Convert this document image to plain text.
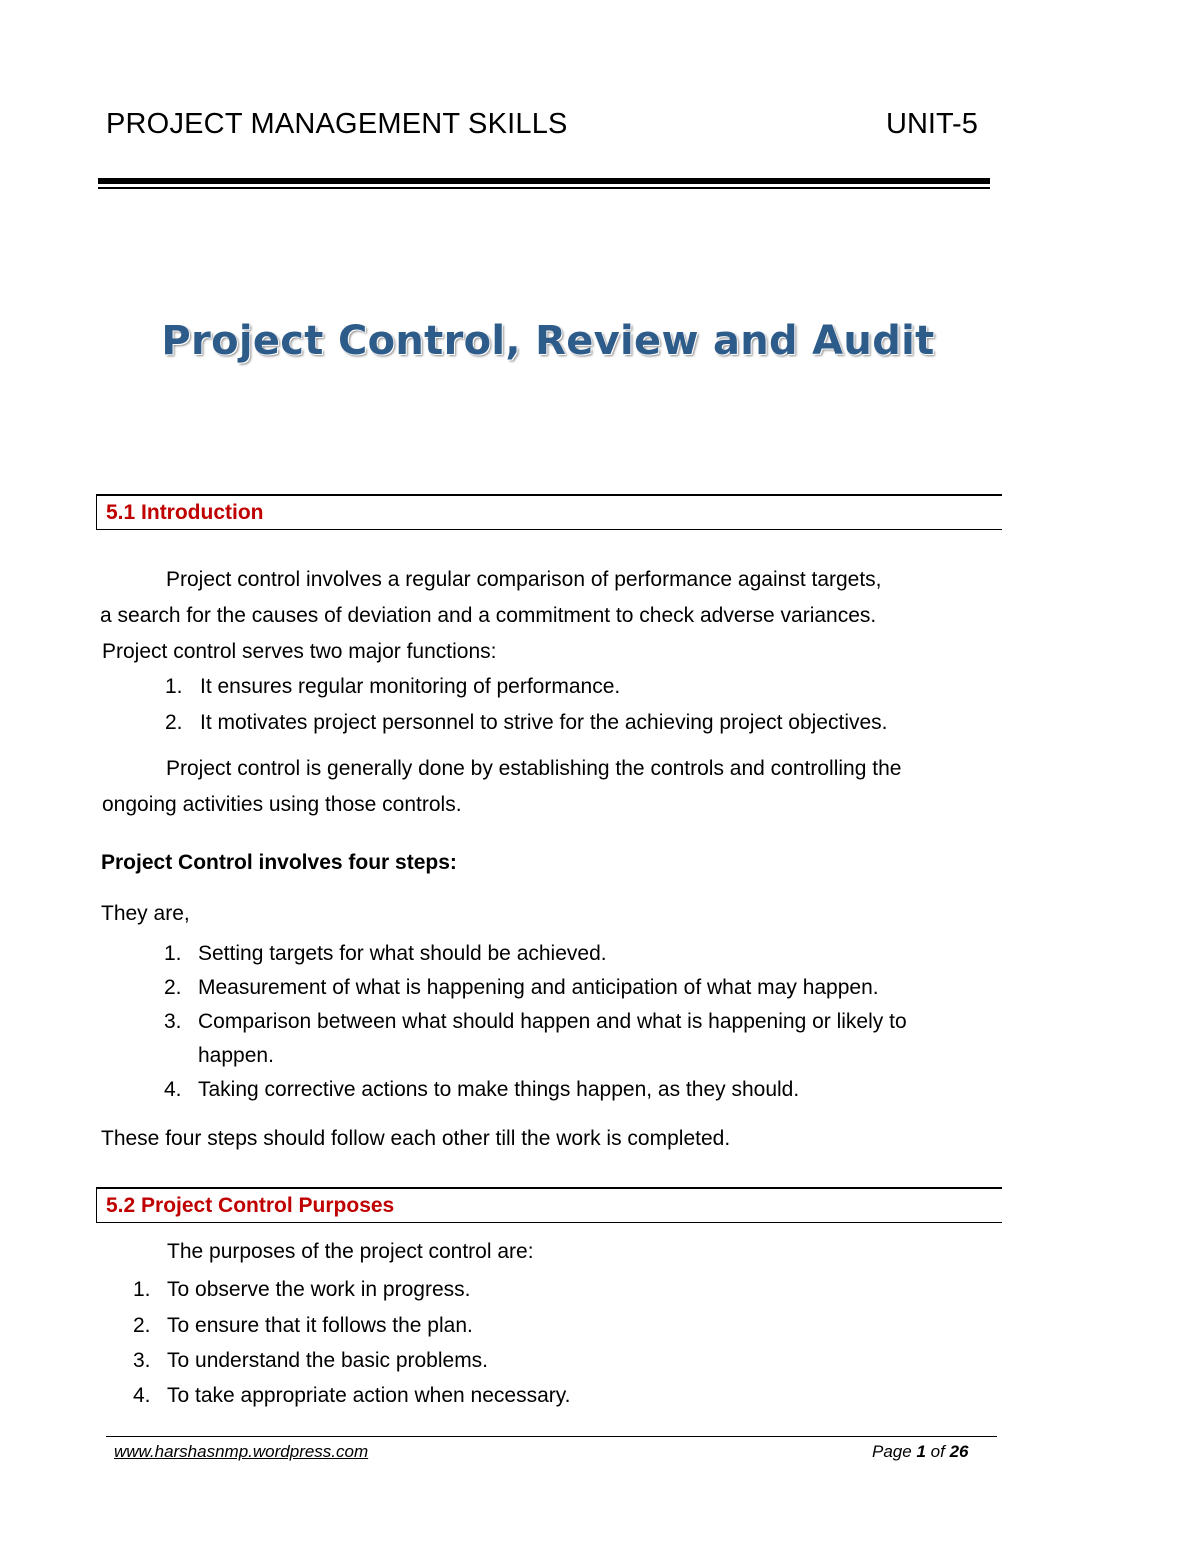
PROJECT MANAGEMENT SKILLS	UNIT-5
Project Control, Review and Audit
5.1 Introduction
Project control involves a regular comparison of performance against targets,
a search for the causes of deviation and a commitment to check adverse variances.
Project control serves two major functions:
1. It ensures regular monitoring of performance.
2. It motivates project personnel to strive for the achieving project objectives.
Project control is generally done by establishing the controls and controlling the
ongoing activities using those controls.
Project Control involves four steps:
They are,
1. Setting targets for what should be achieved.
2. Measurement of what is happening and anticipation of what may happen.
3. Comparison between what should happen and what is happening or likely to
happen.
4. Taking corrective actions to make things happen, as they should.
These four steps should follow each other till the work is completed.
5.2 Project Control Purposes
The purposes of the project control are:
1. To observe the work in progress.
2. To ensure that it follows the plan.
3. To understand the basic problems.
4. To take appropriate action when necessary.
www.harshasnmp.wordpress.com	Page 1 of 26
